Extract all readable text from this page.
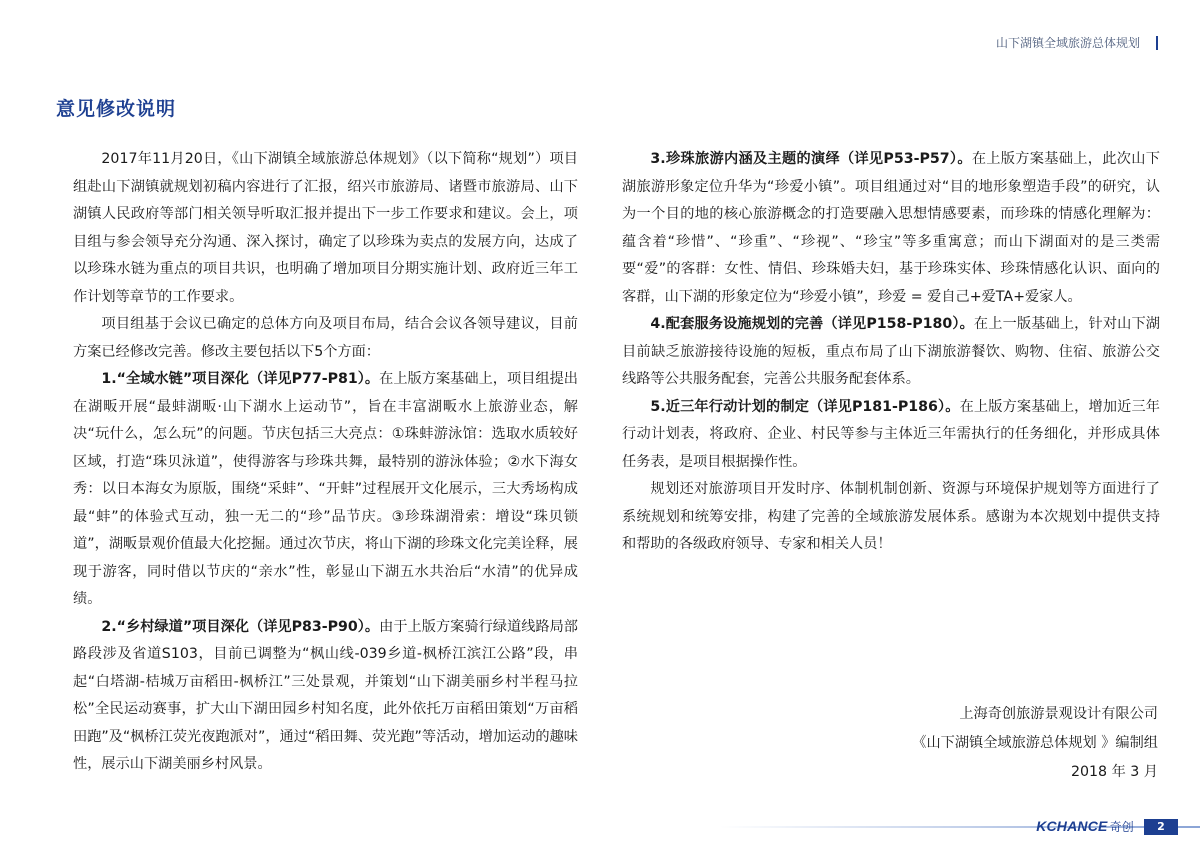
山下湖镇全域旅游总体规划
意见修改说明

2017年11月20日，《山下湖镇全域旅游总体规划》（以下简称“规划”）项目组赴山下湖镇就规划初稿内容进行了汇报，绍兴市旅游局、诸暨市旅游局、山下湖镇人民政府等部门相关领导听取汇报并提出下一步工作要求和建议。会上，项目组与参会领导充分沟通、深入探讨，确定了以珍珠为卖点的发展方向，达成了以珍珠水链为重点的项目共识，也明确了增加项目分期实施计划、政府近三年工作计划等章节的工作要求。

项目组基于会议已确定的总体方向及项目布局，结合会议各领导建议，目前方案已经修改完善。修改主要包括以下5个方面：

1.“全域水链”项目深化（详见P77-P81）。在上版方案基础上，项目组提出在湖畈开展“最蚌湖畈·山下湖水上运动节”，旨在丰富湖畈水上旅游业态，解决“玩什么，怎么玩”的问题。节庆包括三大亮点：①珠蚌游泳馆：选取水质较好区域，打造“珠贝泳道”，使得游客与珍珠共舞，最特别的游泳体验；②水下海女秀：以日本海女为原版，围绕“采蚌”、“开蚌”过程展开文化展示，三大秀场构成最“蚌”的体验式互动，独一无二的“珍”品节庆。③珍珠湖滑索：增设“珠贝锁道”，湖畈景观价值最大化挖掘。通过次节庆，将山下湖的珍珠文化完美诠释，展现于游客，同时借以节庆的“亲水”性，彰显山下湖五水共治后“水清”的优异成绩。

2.“乡村绿道”项目深化（详见P83-P90）。由于上版方案骑行绿道线路局部路段涉及省道S103，目前已调整为“枫山线-039乡道-枫桥江滨江公路”段，串起“白塔湖-桔城万亩稻田-枫桥江”三处景观，并策划“山下湖美丽乡村半程马拉松”全民运动赛事，扩大山下湖田园乡村知名度，此外依托万亩稻田策划“万亩稻田跑”及“枫桥江荧光夜跑派对”，通过“稻田舞、荧光跑”等活动，增加运动的趣味性，展示山下湖美丽乡村风景。

3.珍珠旅游内涵及主题的演绎（详见P53-P57）。在上版方案基础上，此次山下湖旅游形象定位升华为“珍爱小镇”。项目组通过对“目的地形象塑造手段”的研究，认为一个目的地的核心旅游概念的打造要融入思想情感要素，而珍珠的情感化理解为：蕴含着“珍惜”、“珍重”、“珍视”、“珍宝”等多重寓意；而山下湖面对的是三类需要“爱”的客群：女性、情侣、珍珠婚夫妇，基于珍珠实体、珍珠情感化认识、面向的客群，山下湖的形象定位为“珍爱小镇”，珍爱 = 爱自己+爱TA+爱家人。

4.配套服务设施规划的完善（详见P158-P180）。在上一版基础上，针对山下湖目前缺乏旅游接待设施的短板，重点布局了山下湖旅游餐饮、购物、住宿、旅游公交线路等公共服务配套，完善公共服务配套体系。

5.近三年行动计划的制定（详见P181-P186）。在上版方案基础上，增加近三年行动计划表，将政府、企业、村民等参与主体近三年需执行的任务细化，并形成具体任务表，是项目根据操作性。

规划还对旅游项目开发时序、体制机制创新、资源与环境保护规划等方面进行了系统规划和统筹安排，构建了完善的全域旅游发展体系。感谢为本次规划中提供支持和帮助的各级政府领导、专家和相关人员！

上海奇创旅游景观设计有限公司
《山下湖镇全域旅游总体规划 》编制组
2018 年 3 月
KCHANCE 奇创	2
